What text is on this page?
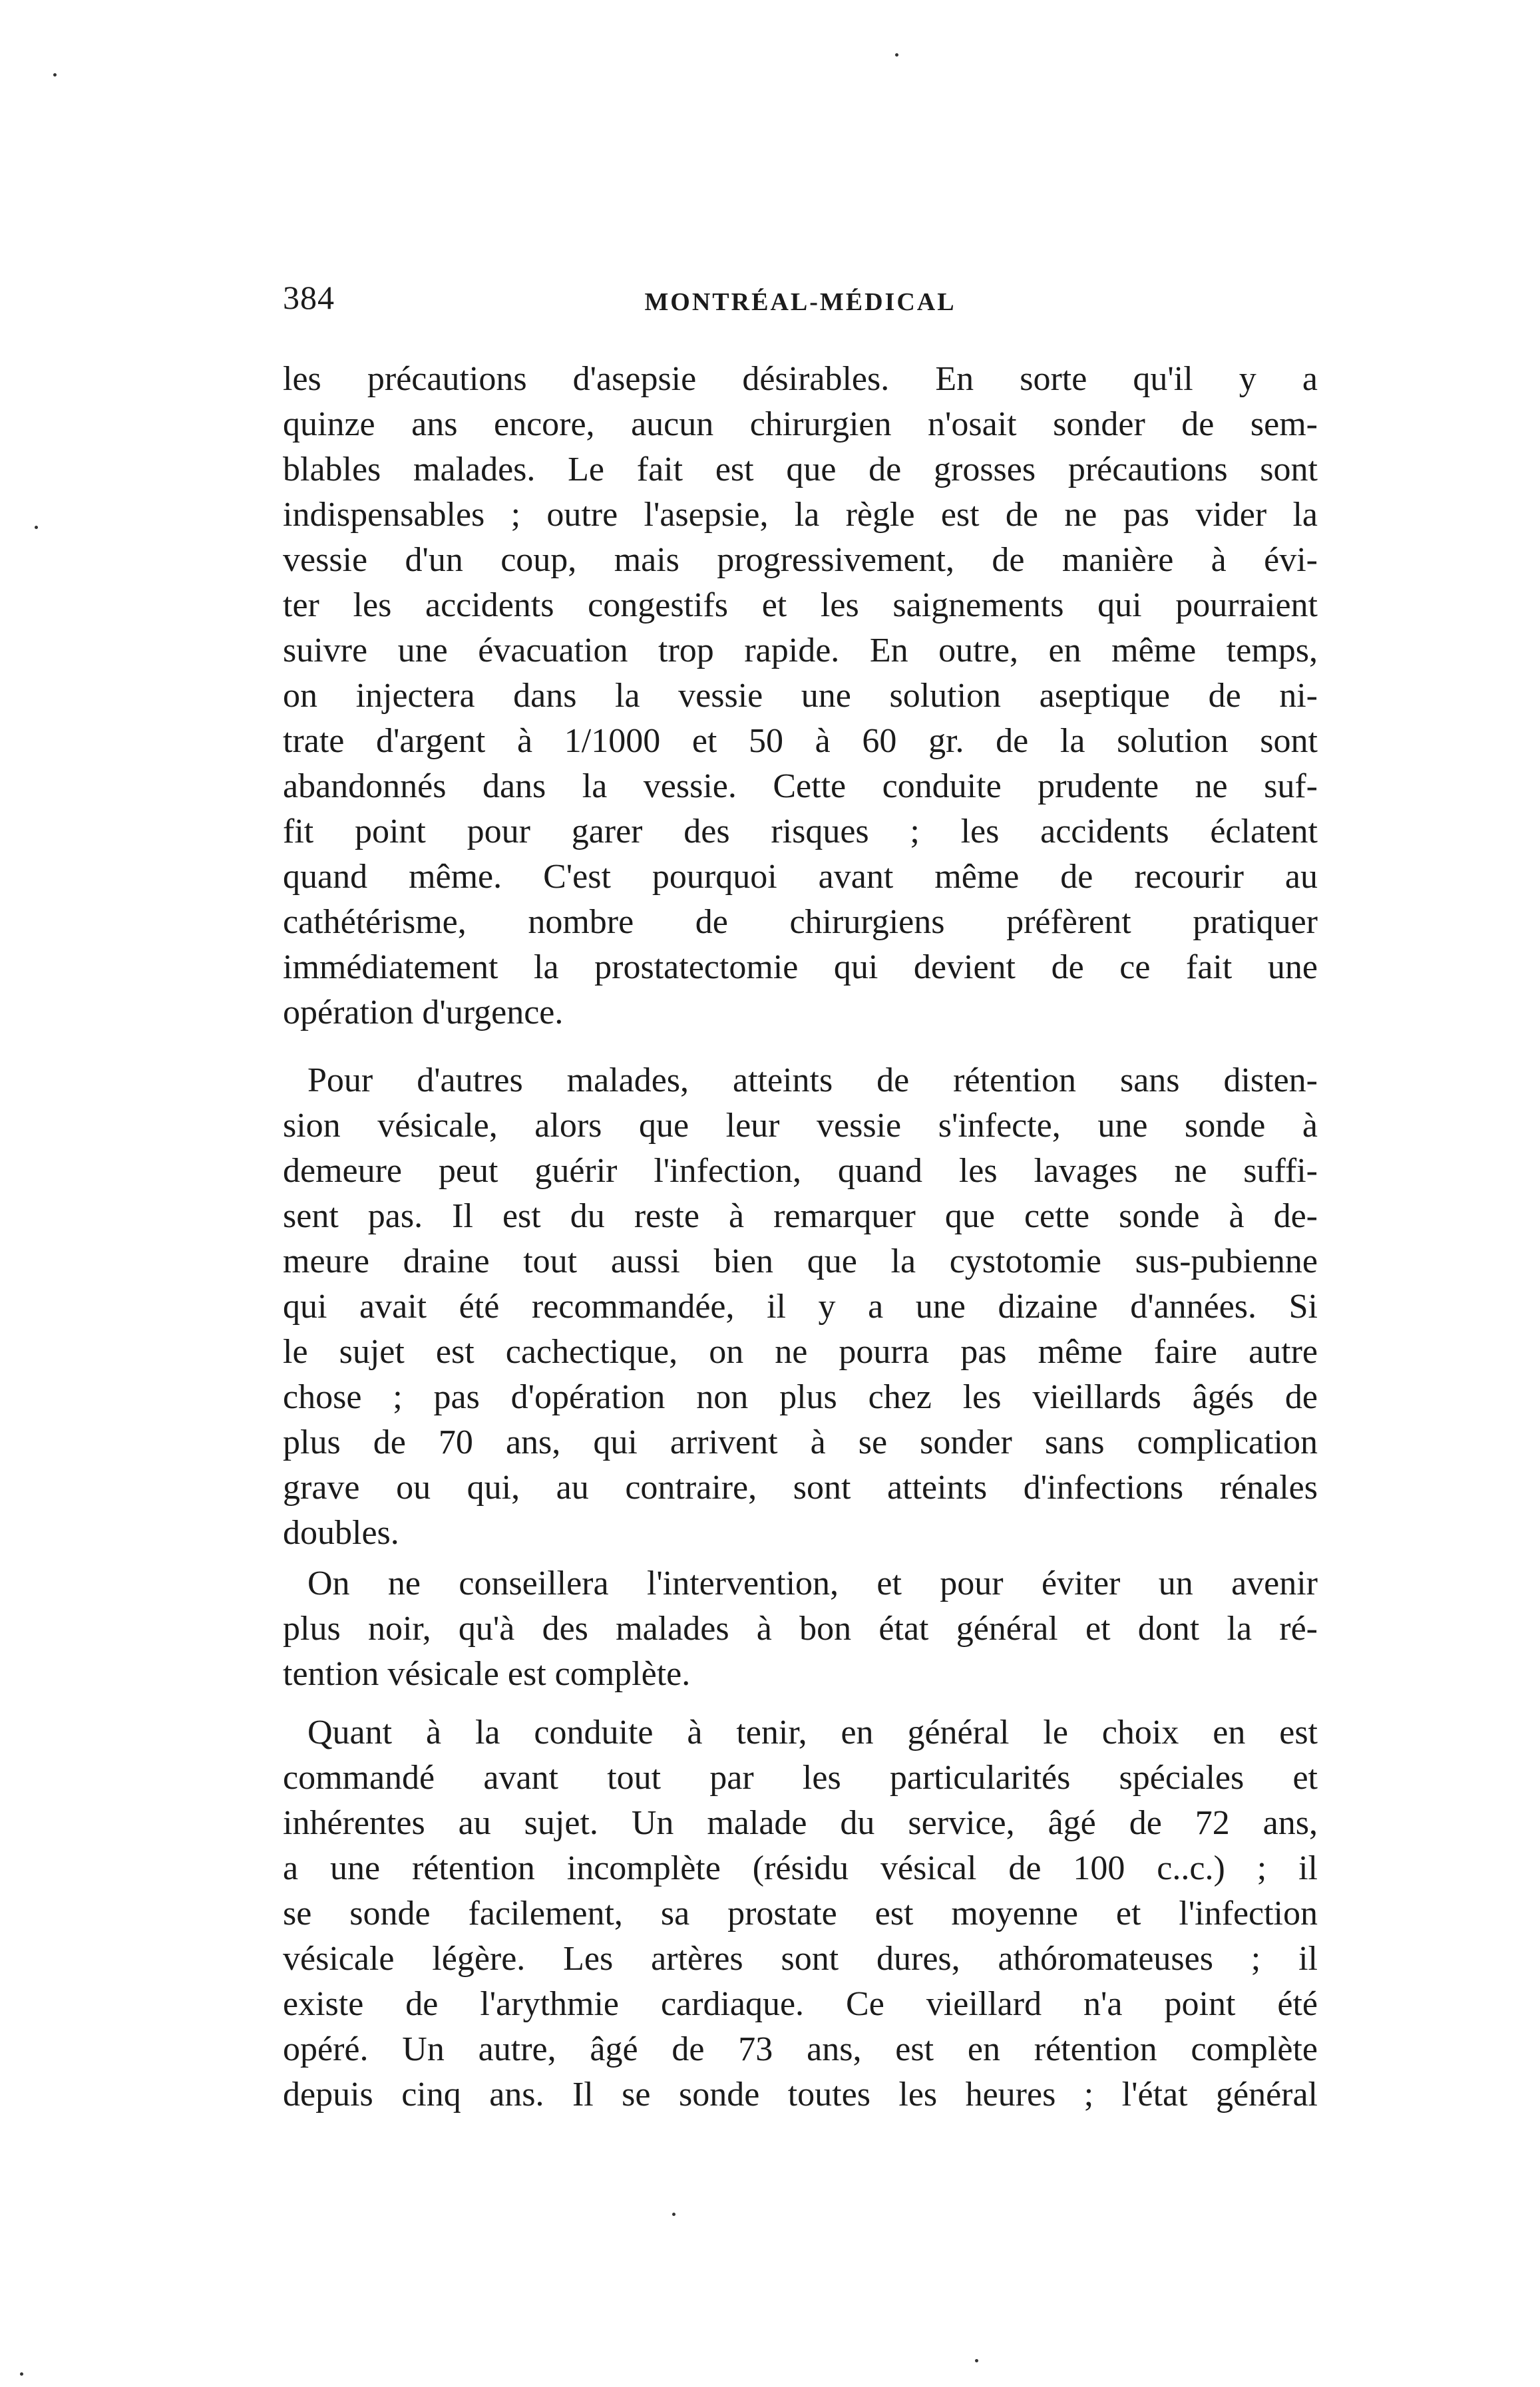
384	MONTRÉAL-MÉDICAL
les précautions d'asepsie désirables. En sorte qu'il y a
quinze ans encore, aucun chirurgien n'osait sonder de sem-
blables malades. Le fait est que de grosses précautions sont
indispensables ; outre l'asepsie, la règle est de ne pas vider la
vessie d'un coup, mais progressivement, de manière à évi-
ter les accidents congestifs et les saignements qui pourraient
suivre une évacuation trop rapide. En outre, en même temps,
on injectera dans la vessie une solution aseptique de ni-
trate d'argent à 1/1000 et 50 à 60 gr. de la solution sont
abandonnés dans la vessie. Cette conduite prudente ne suf-
fit point pour garer des risques ; les accidents éclatent
quand même. C'est pourquoi avant même de recourir au
cathétérisme, nombre de chirurgiens préfèrent pratiquer
immédiatement la prostatectomie qui devient de ce fait une
opération d'urgence.
Pour d'autres malades, atteints de rétention sans disten-
sion vésicale, alors que leur vessie s'infecte, une sonde à
demeure peut guérir l'infection, quand les lavages ne suffi-
sent pas. Il est du reste à remarquer que cette sonde à de-
meure draine tout aussi bien que la cystotomie sus-pubienne
qui avait été recommandée, il y a une dizaine d'années. Si
le sujet est cachectique, on ne pourra pas même faire autre
chose ; pas d'opération non plus chez les vieillards âgés de
plus de 70 ans, qui arrivent à se sonder sans complication
grave ou qui, au contraire, sont atteints d'infections rénales
doubles.
On ne conseillera l'intervention, et pour éviter un avenir
plus noir, qu'à des malades à bon état général et dont la ré-
tention vésicale est complète.
Quant à la conduite à tenir, en général le choix en est
commandé avant tout par les particularités spéciales et
inhérentes au sujet. Un malade du service, âgé de 72 ans,
a une rétention incomplète (résidu vésical de 100 c..c.) ; il
se sonde facilement, sa prostate est moyenne et l'infection
vésicale légère. Les artères sont dures, athóromateuses ; il
existe de l'arythmie cardiaque. Ce vieillard n'a point été
opéré. Un autre, âgé de 73 ans, est en rétention complète
depuis cinq ans. Il se sonde toutes les heures ; l'état général
